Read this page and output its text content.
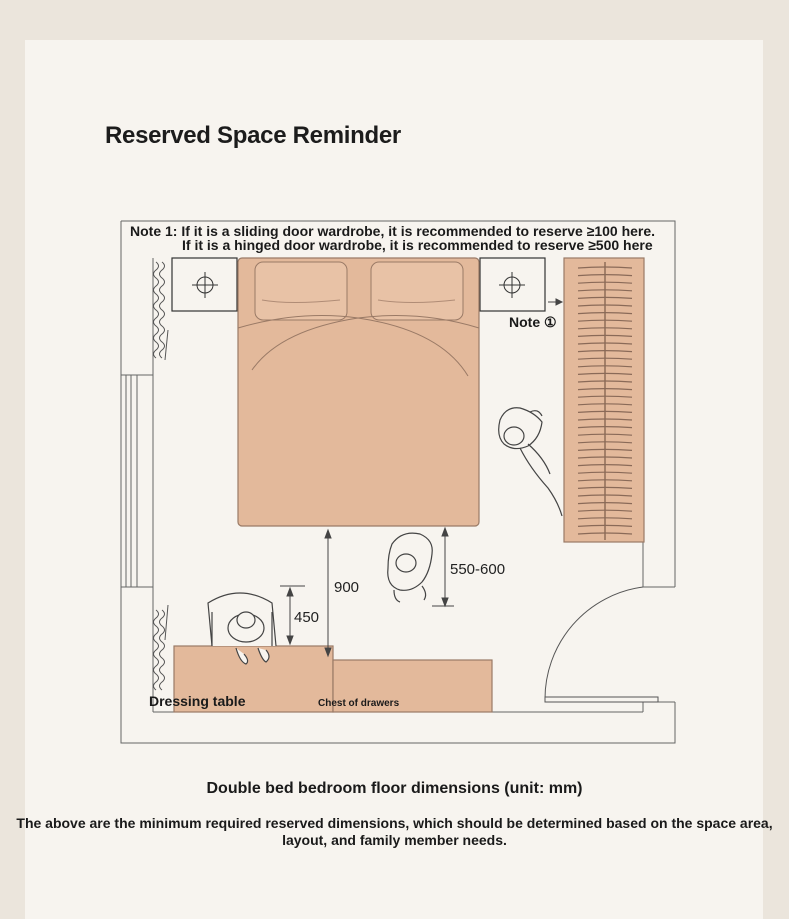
Reserved Space Reminder
Note 1: If it is a sliding door wardrobe, it is recommended to reserve ≥100 here.
If it is a hinged door wardrobe, it is recommended to reserve ≥500 here
Note ①
900
450
550-600
Dressing table	Chest of drawers
Double bed bedroom floor dimensions (unit: mm)
The above are the minimum required reserved dimensions, which should be determined based on the space area,
layout, and family member needs.
